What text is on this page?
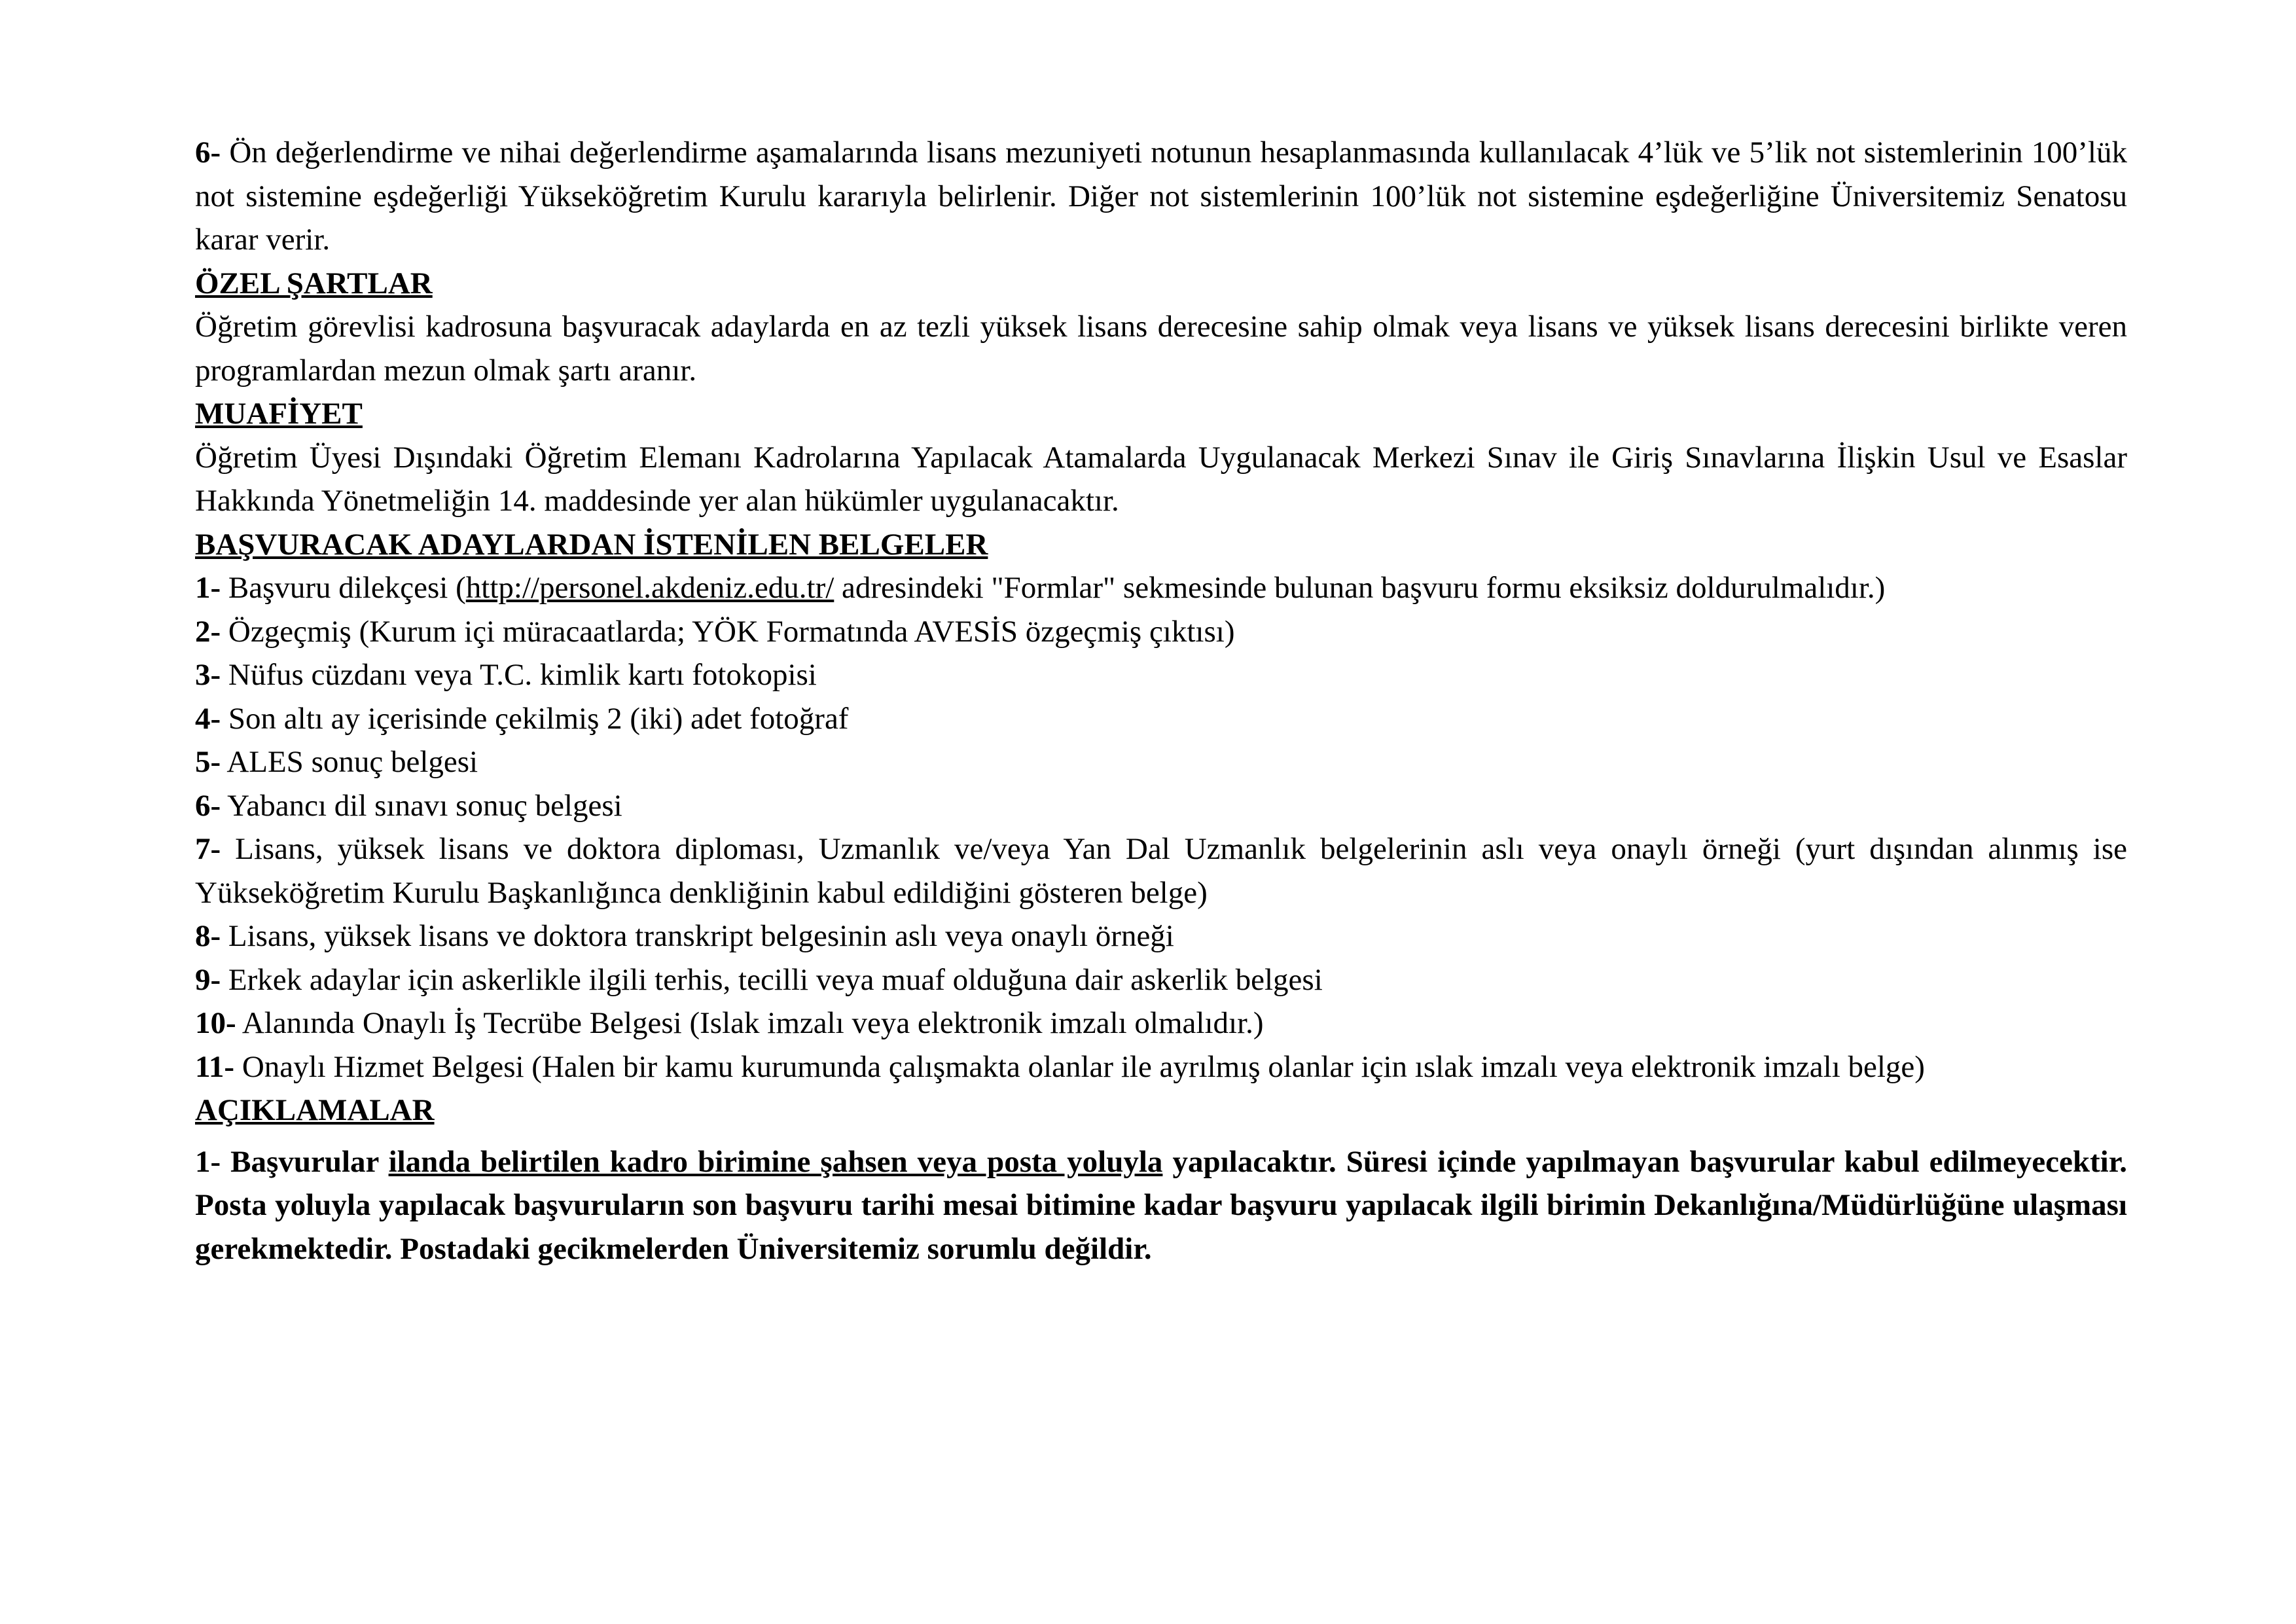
6- Ön değerlendirme ve nihai değerlendirme aşamalarında lisans mezuniyeti notunun hesaplanmasında kullanılacak 4’lük ve 5’lik not sistemlerinin 100’lük not sistemine eşdeğerliği Yükseköğretim Kurulu kararıyla belirlenir. Diğer not sistemlerinin 100’lük not sistemine eşdeğerliğine Üniversitemiz Senatosu karar verir.

ÖZEL ŞARTLAR

Öğretim görevlisi kadrosuna başvuracak adaylarda en az tezli yüksek lisans derecesine sahip olmak veya lisans ve yüksek lisans derecesini birlikte veren programlardan mezun olmak şartı aranır.

MUAFİYET

Öğretim Üyesi Dışındaki Öğretim Elemanı Kadrolarına Yapılacak Atamalarda Uygulanacak Merkezi Sınav ile Giriş Sınavlarına İlişkin Usul ve Esaslar Hakkında Yönetmeliğin 14. maddesinde yer alan hükümler uygulanacaktır.

BAŞVURACAK ADAYLARDAN İSTENİLEN BELGELER

1- Başvuru dilekçesi (http://personel.akdeniz.edu.tr/ adresindeki "Formlar" sekmesinde bulunan başvuru formu eksiksiz doldurulmalıdır.)

2- Özgeçmiş (Kurum içi müracaatlarda; YÖK Formatında AVESİS özgeçmiş çıktısı)

3- Nüfus cüzdanı veya T.C. kimlik kartı fotokopisi

4- Son altı ay içerisinde çekilmiş 2 (iki) adet fotoğraf

5- ALES sonuç belgesi

6- Yabancı dil sınavı sonuç belgesi

7- Lisans, yüksek lisans ve doktora diploması, Uzmanlık ve/veya Yan Dal Uzmanlık belgelerinin aslı veya onaylı örneği (yurt dışından alınmış ise Yükseköğretim Kurulu Başkanlığınca denkliğinin kabul edildiğini gösteren belge)

8- Lisans, yüksek lisans ve doktora transkript belgesinin aslı veya onaylı örneği

9- Erkek adaylar için askerlikle ilgili terhis, tecilli veya muaf olduğuna dair askerlik belgesi

10- Alanında Onaylı İş Tecrübe Belgesi (Islak imzalı veya elektronik imzalı olmalıdır.)

11- Onaylı Hizmet Belgesi (Halen bir kamu kurumunda çalışmakta olanlar ile ayrılmış olanlar için ıslak imzalı veya elektronik imzalı belge)

AÇIKLAMALAR

1- Başvurular ilanda belirtilen kadro birimine şahsen veya posta yoluyla yapılacaktır. Süresi içinde yapılmayan başvurular kabul edilmeyecektir. Posta yoluyla yapılacak başvuruların son başvuru tarihi mesai bitimine kadar başvuru yapılacak ilgili birimin Dekanlığına/Müdürlüğüne ulaşması gerekmektedir. Postadaki gecikmelerden Üniversitemiz sorumlu değildir.
